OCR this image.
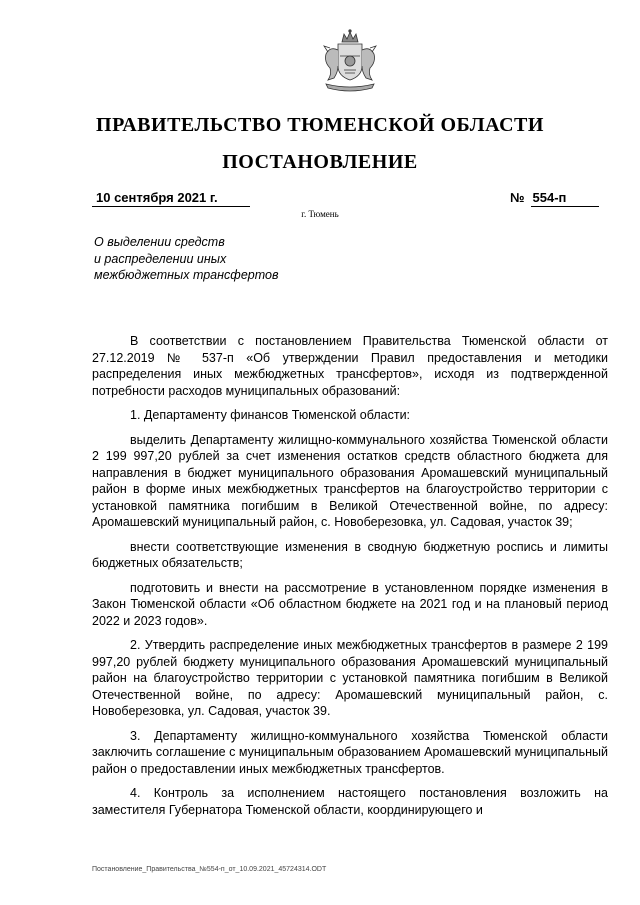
ПРАВИТЕЛЬСТВО ТЮМЕНСКОЙ ОБЛАСТИ
ПОСТАНОВЛЕНИЕ
10 сентября 2021 г.	№ 554-п
г. Тюмень
О выделении средств
и распределении иных
межбюджетных трансфертов

В соответствии с постановлением Правительства Тюменской области от 27.12.2019 № 537-п «Об утверждении Правил предоставления и методики распределения иных межбюджетных трансфертов», исходя из подтвержденной потребности расходов муниципальных образований:

1. Департаменту финансов Тюменской области:

выделить Департаменту жилищно-коммунального хозяйства Тюменской области 2 199 997,20 рублей за счет изменения остатков средств областного бюджета для направления в бюджет муниципального образования Аромашевский муниципальный район в форме иных межбюджетных трансфертов на благоустройство территории с установкой памятника погибшим в Великой Отечественной войне, по адресу: Аромашевский муниципальный район, с. Новоберезовка, ул. Садовая, участок 39;

внести соответствующие изменения в сводную бюджетную роспись и лимиты бюджетных обязательств;

подготовить и внести на рассмотрение в установленном порядке изменения в Закон Тюменской области «Об областном бюджете на 2021 год и на плановый период 2022 и 2023 годов».

2. Утвердить распределение иных межбюджетных трансфертов в размере 2 199 997,20 рублей бюджету муниципального образования Аромашевский муниципальный район на благоустройство территории с установкой памятника погибшим в Великой Отечественной войне, по адресу: Аромашевский муниципальный район, с. Новоберезовка, ул. Садовая, участок 39.

3. Департаменту жилищно-коммунального хозяйства Тюменской области заключить соглашение с муниципальным образованием Аромашевский муниципальный район о предоставлении иных межбюджетных трансфертов.

4. Контроль за исполнением настоящего постановления возложить на заместителя Губернатора Тюменской области, координирующего и

Постановление_Правительства_№554-п_от_10.09.2021_45724314.ODT
